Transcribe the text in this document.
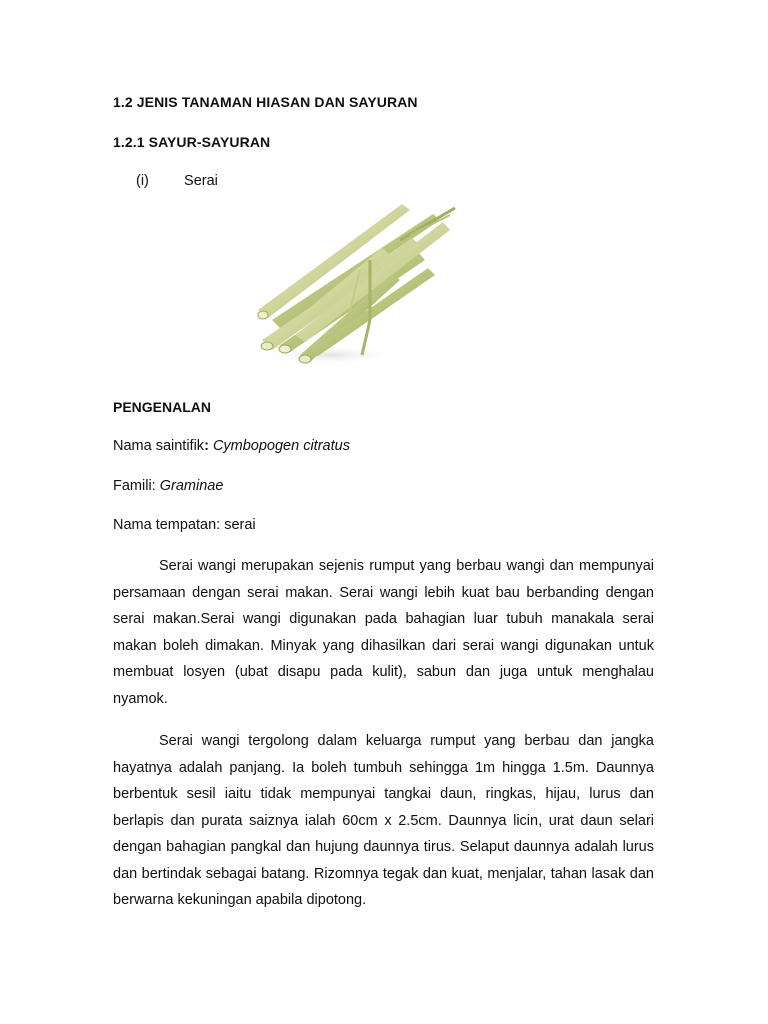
1.2 JENIS TANAMAN HIASAN DAN SAYURAN
1.2.1 SAYUR-SAYURAN
(i) Serai
PENGENALAN
Nama saintifik: Cymbopogen citratus
Famili: Graminae
Nama tempatan: serai

Serai wangi merupakan sejenis rumput yang berbau wangi dan mempunyai persamaan dengan serai makan. Serai wangi lebih kuat bau berbanding dengan serai makan.Serai wangi digunakan pada bahagian luar tubuh manakala serai makan boleh dimakan. Minyak yang dihasilkan dari serai wangi digunakan untuk membuat losyen (ubat disapu pada kulit), sabun dan juga untuk menghalau nyamok.

Serai wangi tergolong dalam keluarga rumput yang berbau dan jangka hayatnya adalah panjang. Ia boleh tumbuh sehingga 1m hingga 1.5m. Daunnya berbentuk sesil iaitu tidak mempunyai tangkai daun, ringkas, hijau, lurus dan berlapis dan purata saiznya ialah 60cm x 2.5cm. Daunnya licin, urat daun selari dengan bahagian pangkal dan hujung daunnya tirus. Selaput daunnya adalah lurus dan bertindak sebagai batang. Rizomnya tegak dan kuat, menjalar, tahan lasak dan berwarna kekuningan apabila dipotong.
